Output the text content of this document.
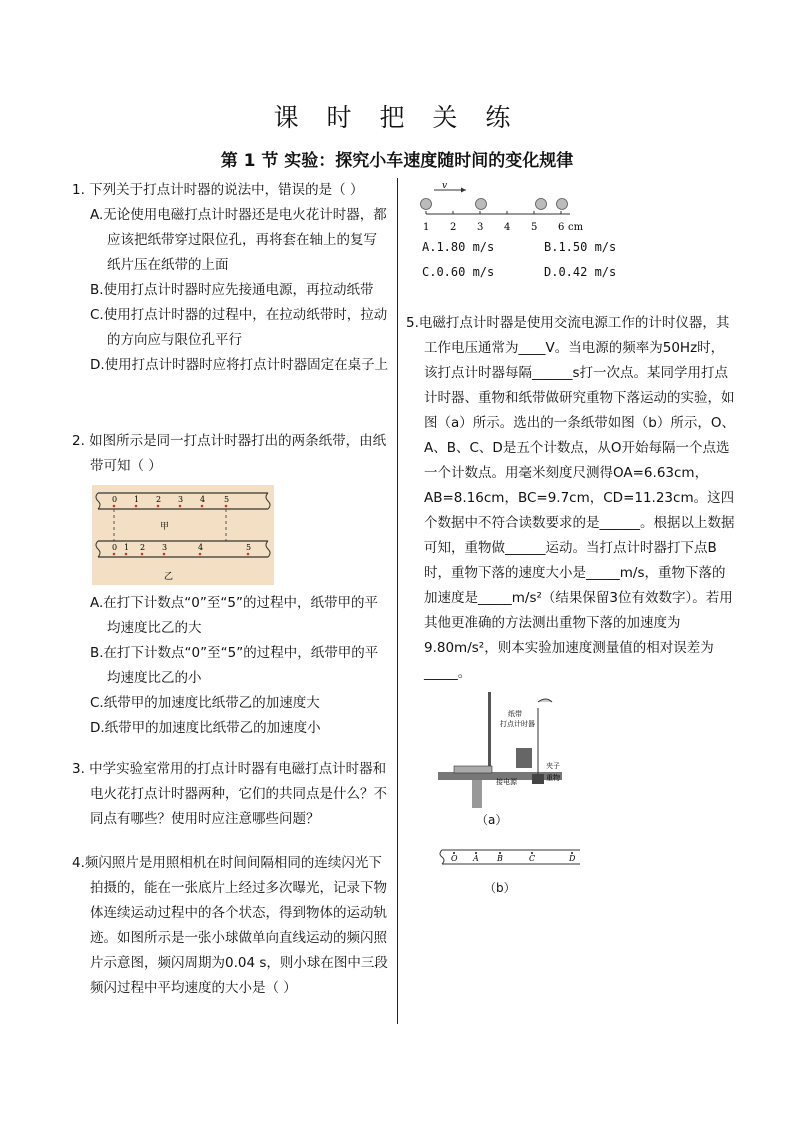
课 时 把 关 练
第 1 节 实验：探究小车速度随时间的变化规律

1. 下列关于打点计时器的说法中，错误的是（ ）

A.无论使用电磁打点计时器还是电火花计时器，都应该把纸带穿过限位孔，再将套在轴上的复写纸片压在纸带的上面

B.使用打点计时器时应先接通电源，再拉动纸带

C.使用打点计时器的过程中，在拉动纸带时，拉动的方向应与限位孔平行

D.使用打点计时器时应将打点计时器固定在桌子上

2. 如图所示是同一打点计时器打出的两条纸带，由纸带可知（ ）

0 1 2 3 4 5
甲
0 1 2 3	4	5
乙

A.在打下计数点“0”至“5”的过程中，纸带甲的平均速度比乙的大

B.在打下计数点“0”至“5”的过程中，纸带甲的平均速度比乙的小

C.纸带甲的加速度比纸带乙的加速度大

D.纸带甲的加速度比纸带乙的加速度小

3. 中学实验室常用的打点计时器有电磁打点计时器和电火花打点计时器两种，它们的共同点是什么？不同点有哪些？使用时应注意哪些问题？

4.频闪照片是用照相机在时间间隔相同的连续闪光下拍摄的，能在一张底片上经过多次曝光，记录下物体连续运动过程中的各个状态，得到物体的运动轨迹。如图所示是一张小球做单向直线运动的频闪照片示意图，频闪周期为0.04 s，则小球在图中三段频闪过程中平均速度的大小是（ ）

v
1 2 3 4 5 6 cm
A.1.80 m/s	B.1.50 m/s
C.0.60 m/s	D.0.42 m/s

5.电磁打点计时器是使用交流电源工作的计时仪器，其工作电压通常为____V。当电源的频率为50Hz时，该打点计时器每隔______s打一次点。某同学用打点计时器、重物和纸带做研究重物下落运动的实验，如图（a）所示。选出的一条纸带如图（b）所示，O、A、B、C、D是五个计数点，从O开始每隔一个点选一个计数点。用毫米刻度尺测得OA=6.63cm，AB=8.16cm，BC=9.7cm，CD=11.23cm。这四个数据中不符合读数要求的是______。根据以上数据可知，重物做______运动。当打点计时器打下点B时，重物下落的速度大小是_____m/s，重物下落的加速度是_____m/s²（结果保留3位有效数字）。若用其他更准确的方法测出重物下落的加速度为9.80m/s²，则本实验加速度测量值的相对误差为_____。

纸带
打点计时器
夹子
重物
接电源
（a）
O A B	C	D
（b）
